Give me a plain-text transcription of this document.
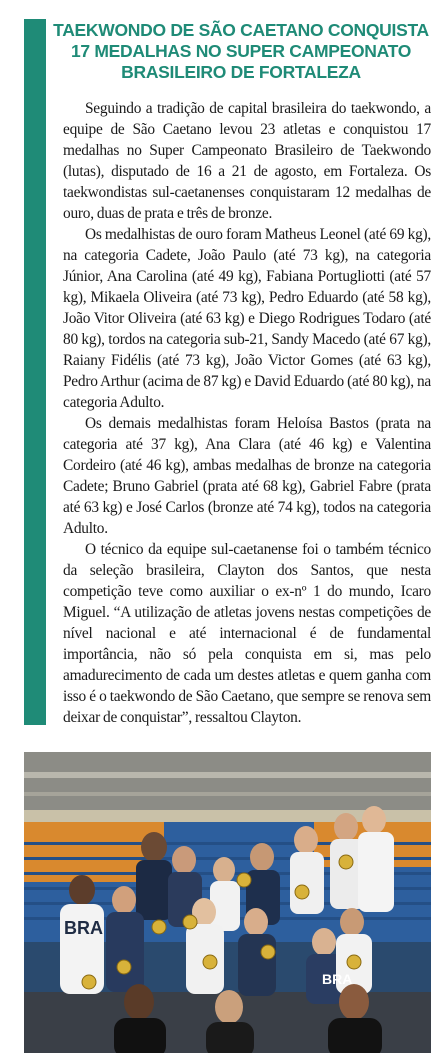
TAEKWONDO DE SÃO CAETANO CONQUISTA
17 MEDALHAS NO SUPER CAMPEONATO
BRASILEIRO DE FORTALEZA

Seguindo a tradição de capital brasileira do taekwondo, a equipe de São Caetano levou 23 atletas e conquistou 17 medalhas no Super Campeonato Brasileiro de Taekwondo (lutas), disputado de 16 a 21 de agosto, em Fortaleza. Os taekwondistas sul-caetanenses conquistaram 12 medalhas de ouro, duas de prata e três de bronze.

Os medalhistas de ouro foram Matheus Leonel (até 69 kg), na categoria Cadete, João Paulo (até 73 kg), na categoria Júnior, Ana Carolina (até 49 kg), Fabiana Portugliotti (até 57 kg), Mikaela Oliveira (até 73 kg), Pedro Eduardo (até 58 kg), João Vitor Oliveira (até 63 kg) e Diego Rodrigues Todaro (até 80 kg), tordos na categoria sub-21, Sandy Macedo (até 67 kg), Raiany Fidélis (até 73 kg), João Victor Gomes (até 63 kg), Pedro Arthur (acima de 87 kg) e David Eduardo (até 80 kg), na categoria Adulto.

Os demais medalhistas foram Heloísa Bastos (prata na categoria até 37 kg), Ana Clara (até 46 kg) e Valentina Cordeiro (até 46 kg), ambas medalhas de bronze na categoria Cadete; Bruno Gabriel (prata até 68 kg), Gabriel Fabre (prata até 63 kg) e José Carlos (bronze até 74 kg), todos na categoria Adulto.

O técnico da equipe sul-caetanense foi o também técnico da seleção brasileira, Clayton dos Santos, que nesta competição teve como auxiliar o ex-nº 1 do mundo, Icaro Miguel. “A utilização de atletas jovens nestas competições de nível nacional e até internacional é de fundamental importância, não só pela conquista em si, mas pelo amadurecimento de cada um destes atletas e quem ganha com isso é o taekwondo de São Caetano, que sempre se renova sem deixar de conquistar”, ressaltou Clayton.

BRA
BRA
